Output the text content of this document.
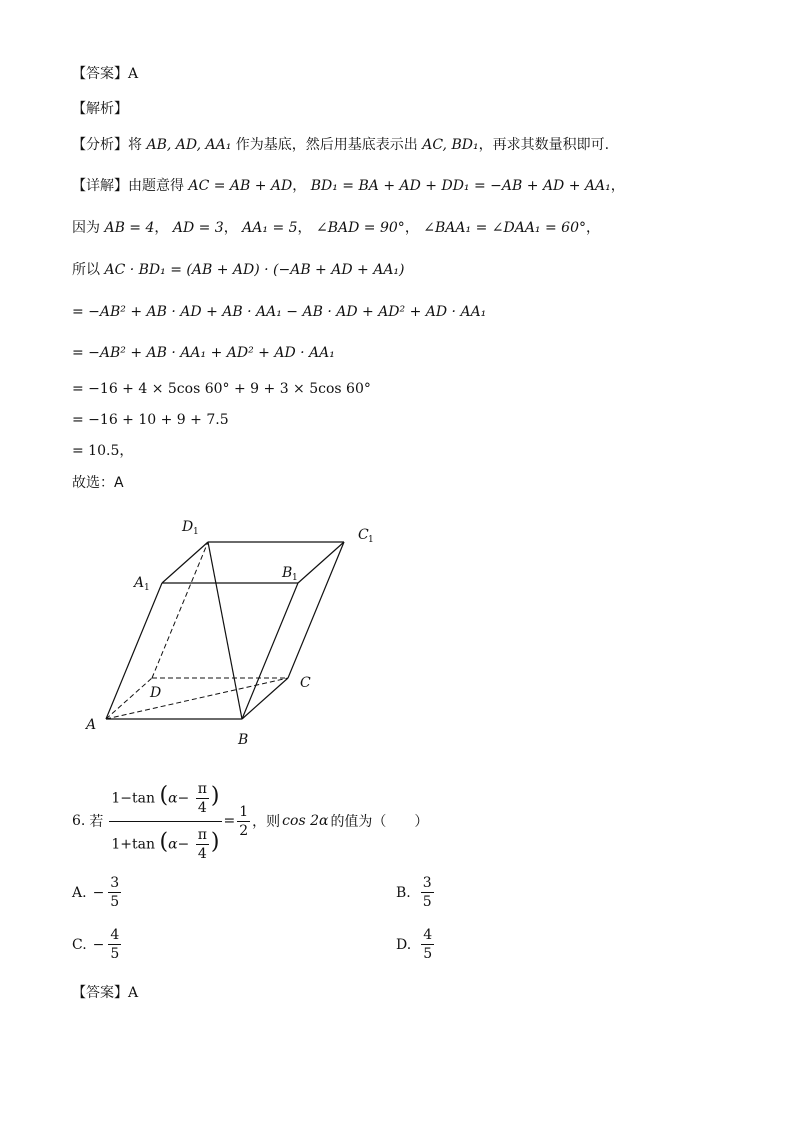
【答案】A
【解析】
【分析】将 AB, AD, AA₁ 作为基底，然后用基底表示出 AC, BD₁，再求其数量积即可.
【详解】由题意得 AC = AB + AD， BD₁ = BA + AD + DD₁ = −AB + AD + AA₁，
因为 AB = 4， AD = 3， AA₁ = 5， ∠BAD = 90°， ∠BAA₁ = ∠DAA₁ = 60°，
所以 AC · BD₁ = (AB + AD) · (−AB + AD + AA₁)
= −AB² + AB · AD + AB · AA₁ − AB · AD + AD² + AD · AA₁
= −AB² + AB · AA₁ + AD² + AD · AA₁
= −16 + 4 × 5cos 60° + 9 + 3 × 5cos 60°
= −16 + 10 + 9 + 7.5
= 10.5，
故选：A
A
B
C
D
A 1
B 1
C 1
D 1
6. 若 $\frac{1-\tan (\alpha- \frac{\pi}{4} )}{1+\tan (\alpha- \frac{\pi}{4} )} = \frac{1}{2}$ ，则 cos 2α 的值为（　　）
A. − $\frac{3}{5}$	B. $\frac{3}{5}$
C. − $\frac{4}{5}$	D. $\frac{4}{5}$
【答案】A
